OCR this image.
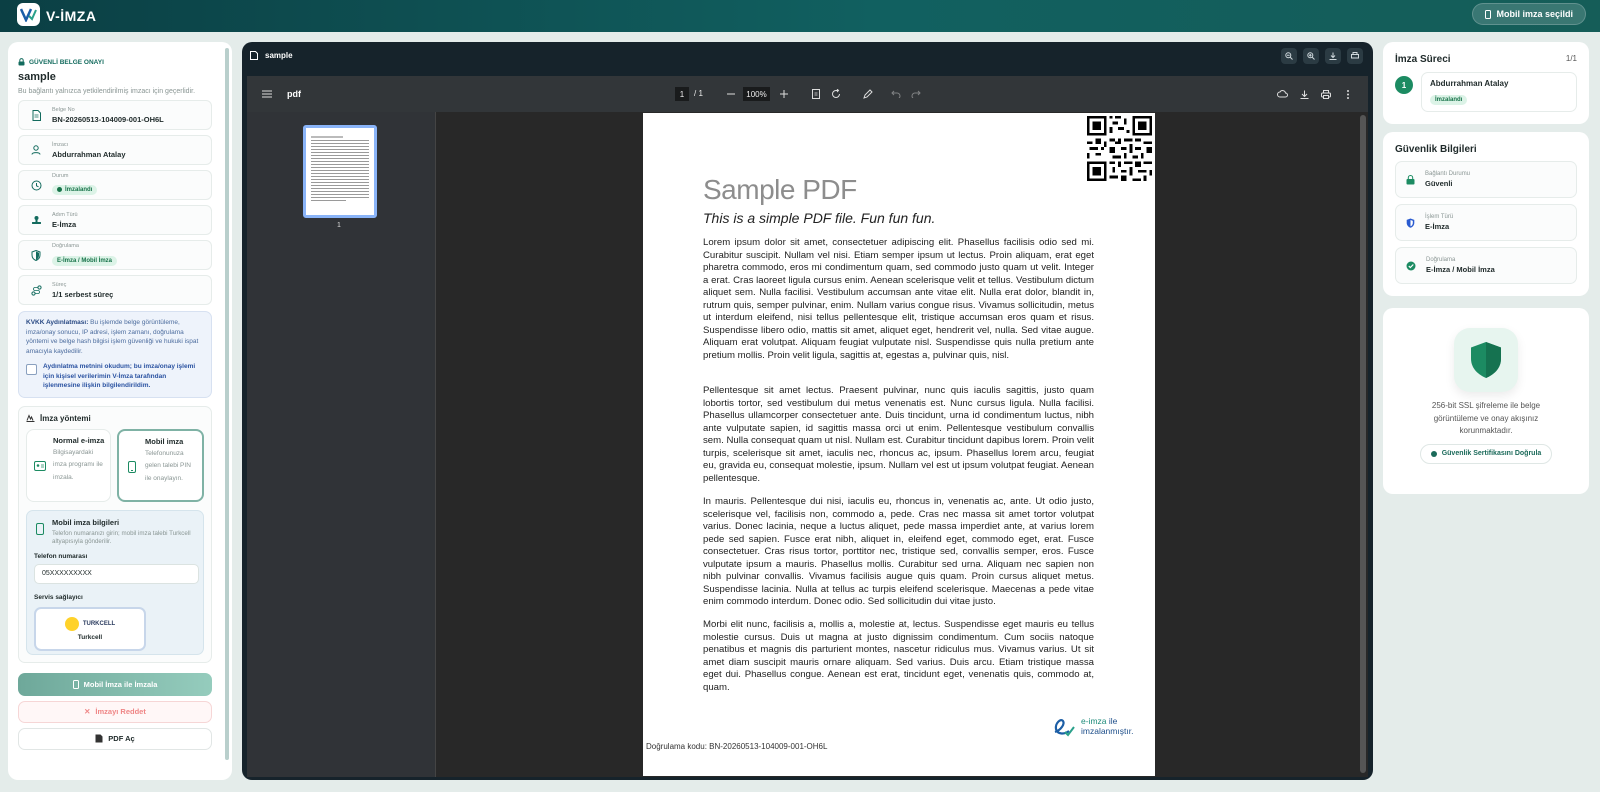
V-İMZA	Mobil imza seçildi
GÜVENLİ BELGE ONAYI
sample
Bu bağlantı yalnızca yetkilendirilmiş imzacı için geçerlidir.
Belge No
BN-20260513-104009-001-OH6L
İmzacı
Abdurrahman Atalay
Durum
İmzalandı
Adım Türü
E-İmza
Doğrulama
E-İmza / Mobil İmza
Süreç
1/1 serbest süreç
KVKK Aydınlatması: Bu işlemde belge görüntüleme, imza/onay sonucu, IP adresi, işlem zamanı, doğrulama yöntemi ve belge hash bilgisi işlem güvenliği ve hukuki ispat amacıyla kaydedilir.
Aydınlatma metnini okudum; bu imza/onay işlemi için kişisel verilerimin V-İmza tarafından işlenmesine ilişkin bilgilendirildim.
İmza yöntemi
Normal e-imza
Bilgisayardaki imza programı ile imzala.
Mobil imza
Telefonunuza gelen talebi PIN ile onaylayın.
Mobil imza bilgileri
Telefon numaranızı girin; mobil imza talebi Turkcell altyapısıyla gönderilir.
Telefon numarası
05XXXXXXXXX
Servis sağlayıcı
TURKCELL
Turkcell
Mobil İmza ile İmzala
✕ İmzayı Reddet
PDF Aç
sample
pdf	1	/ 1	100%
1
Sample PDF
This is a simple PDF file. Fun fun fun.
Lorem ipsum dolor sit amet, consectetuer adipiscing elit. Phasellus facilisis odio sed mi. Curabitur suscipit. Nullam vel nisi. Etiam semper ipsum ut lectus. Proin aliquam, erat eget pharetra commodo, eros mi condimentum quam, sed commodo justo quam ut velit. Integer a erat. Cras laoreet ligula cursus enim. Aenean scelerisque velit et tellus. Vestibulum dictum aliquet sem. Nulla facilisi. Vestibulum accumsan ante vitae elit. Nulla erat dolor, blandit in, rutrum quis, semper pulvinar, enim. Nullam varius congue risus. Vivamus sollicitudin, metus ut interdum eleifend, nisi tellus pellentesque elit, tristique accumsan eros quam et risus. Suspendisse libero odio, mattis sit amet, aliquet eget, hendrerit vel, nulla. Sed vitae augue. Aliquam erat volutpat. Aliquam feugiat vulputate nisl. Suspendisse quis nulla pretium ante pretium mollis. Proin velit ligula, sagittis at, egestas a, pulvinar quis, nisl.
Pellentesque sit amet lectus. Praesent pulvinar, nunc quis iaculis sagittis, justo quam lobortis tortor, sed vestibulum dui metus venenatis est. Nunc cursus ligula. Nulla facilisi. Phasellus ullamcorper consectetuer ante. Duis tincidunt, urna id condimentum luctus, nibh ante vulputate sapien, id sagittis massa orci ut enim. Pellentesque vestibulum convallis sem. Nulla consequat quam ut nisl. Nullam est. Curabitur tincidunt dapibus lorem. Proin velit turpis, scelerisque sit amet, iaculis nec, rhoncus ac, ipsum. Phasellus lorem arcu, feugiat eu, gravida eu, consequat molestie, ipsum. Nullam vel est ut ipsum volutpat feugiat. Aenean pellentesque.
In mauris. Pellentesque dui nisi, iaculis eu, rhoncus in, venenatis ac, ante. Ut odio justo, scelerisque vel, facilisis non, commodo a, pede. Cras nec massa sit amet tortor volutpat varius. Donec lacinia, neque a luctus aliquet, pede massa imperdiet ante, at varius lorem pede sed sapien. Fusce erat nibh, aliquet in, eleifend eget, commodo eget, erat. Fusce consectetuer. Cras risus tortor, porttitor nec, tristique sed, convallis semper, eros. Fusce vulputate ipsum a mauris. Phasellus mollis. Curabitur sed urna. Aliquam nec sapien non nibh pulvinar convallis. Vivamus facilisis augue quis quam. Proin cursus aliquet metus. Suspendisse lacinia. Nulla at tellus ac turpis eleifend scelerisque. Maecenas a pede vitae enim commodo interdum. Donec odio. Sed sollicitudin dui vitae justo.
Morbi elit nunc, facilisis a, mollis a, molestie at, lectus. Suspendisse eget mauris eu tellus molestie cursus. Duis ut magna at justo dignissim condimentum. Cum sociis natoque penatibus et magnis dis parturient montes, nascetur ridiculus mus. Vivamus varius. Ut sit amet diam suscipit mauris ornare aliquam. Sed varius. Duis arcu. Etiam tristique massa eget dui. Phasellus congue. Aenean est erat, tincidunt eget, venenatis quis, commodo at, quam.
e-imza ile
imzalanmıştır.
Doğrulama kodu: BN-20260513-104009-001-OH6L
İmza Süreci	1/1
1	Abdurrahman Atalay
İmzalandı
Güvenlik Bilgileri
Bağlantı Durumu
Güvenli
İşlem Türü
E-İmza
Doğrulama
E-İmza / Mobil İmza
256-bit SSL şifreleme ile belge görüntüleme ve onay akışınız korunmaktadır.
Güvenlik Sertifikasını Doğrula
